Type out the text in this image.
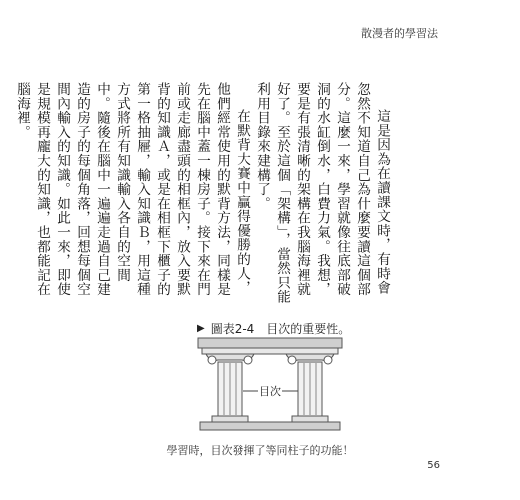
散漫者的學習法

這是因為在讀課文時，有時會忽然不知道自己為什麼要讀這個部分。這麼一來，學習就像往底部破洞的水缸倒水，白費力氣。我想，要是有張清晰的架構在我腦海裡就好了。至於這個「架構」，當然只能利用目錄來建構了。

在默背大賽中贏得優勝的人，他們經常使用的默背方法，同樣是先在腦中蓋一棟房子。接下來在門前或走廊盡頭的相框內，放入要默背的知識Ａ，或是在相框下櫃子的第一格抽屜，輸入知識Ｂ，用這種方式將所有知識輸入各自的空間中。隨後在腦中一遍遍走過自己建造的房子的每個角落，回想每個空間內輸入的知識。如此一來，即使是規模再龐大的知識，也都能記在腦海裡。

▶ 圖表2-4　目次的重要性。
目次
學習時，目次發揮了等同柱子的功能！
56
